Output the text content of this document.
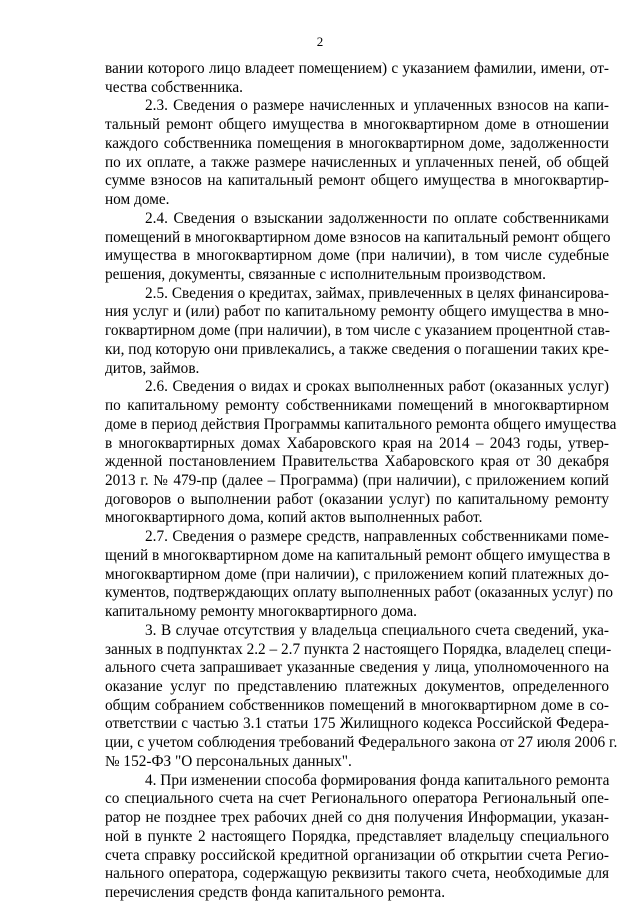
2
вании которого лицо владеет помещением) с указанием фамилии, имени, от-
чества собственника.
2.3. Сведения о размере начисленных и уплаченных взносов на капи-
тальный ремонт общего имущества в многоквартирном доме в отношении
каждого собственника помещения в многоквартирном доме, задолженности
по их оплате, а также размере начисленных и уплаченных пеней, об общей
сумме взносов на капитальный ремонт общего имущества в многоквартир-
ном доме.
2.4. Сведения о взыскании задолженности по оплате собственниками
помещений в многоквартирном доме взносов на капитальный ремонт общего
имущества в многоквартирном доме (при наличии), в том числе судебные
решения, документы, связанные с исполнительным производством.
2.5. Сведения о кредитах, займах, привлеченных в целях финансирова-
ния услуг и (или) работ по капитальному ремонту общего имущества в мно-
гоквартирном доме (при наличии), в том числе с указанием процентной став-
ки, под которую они привлекались, а также сведения о погашении таких кре-
дитов, займов.
2.6. Сведения о видах и сроках выполненных работ (оказанных услуг)
по капитальному ремонту собственниками помещений в многоквартирном
доме в период действия Программы капитального ремонта общего имущества
в многоквартирных домах Хабаровского края на 2014 – 2043 годы, утвер-
жденной постановлением Правительства Хабаровского края от 30 декабря
2013 г. № 479-пр (далее – Программа) (при наличии), с приложением копий
договоров о выполнении работ (оказании услуг) по капитальному ремонту
многоквартирного дома, копий актов выполненных работ.
2.7. Сведения о размере средств, направленных собственниками поме-
щений в многоквартирном доме на капитальный ремонт общего имущества в
многоквартирном доме (при наличии), с приложением копий платежных до-
кументов, подтверждающих оплату выполненных работ (оказанных услуг) по
капитальному ремонту многоквартирного дома.
3. В случае отсутствия у владельца специального счета сведений, ука-
занных в подпунктах 2.2 – 2.7 пункта 2 настоящего Порядка, владелец специ-
ального счета запрашивает указанные сведения у лица, уполномоченного на
оказание услуг по представлению платежных документов, определенного
общим собранием собственников помещений в многоквартирном доме в со-
ответствии с частью 3.1 статьи 175 Жилищного кодекса Российской Федера-
ции, с учетом соблюдения требований Федерального закона от 27 июля 2006 г.
№ 152-ФЗ "О персональных данных".
4. При изменении способа формирования фонда капитального ремонта
со специального счета на счет Регионального оператора Региональный опе-
ратор не позднее трех рабочих дней со дня получения Информации, указан-
ной в пункте 2 настоящего Порядка, представляет владельцу специального
счета справку российской кредитной организации об открытии счета Регио-
нального оператора, содержащую реквизиты такого счета, необходимые для
перечисления средств фонда капитального ремонта.
